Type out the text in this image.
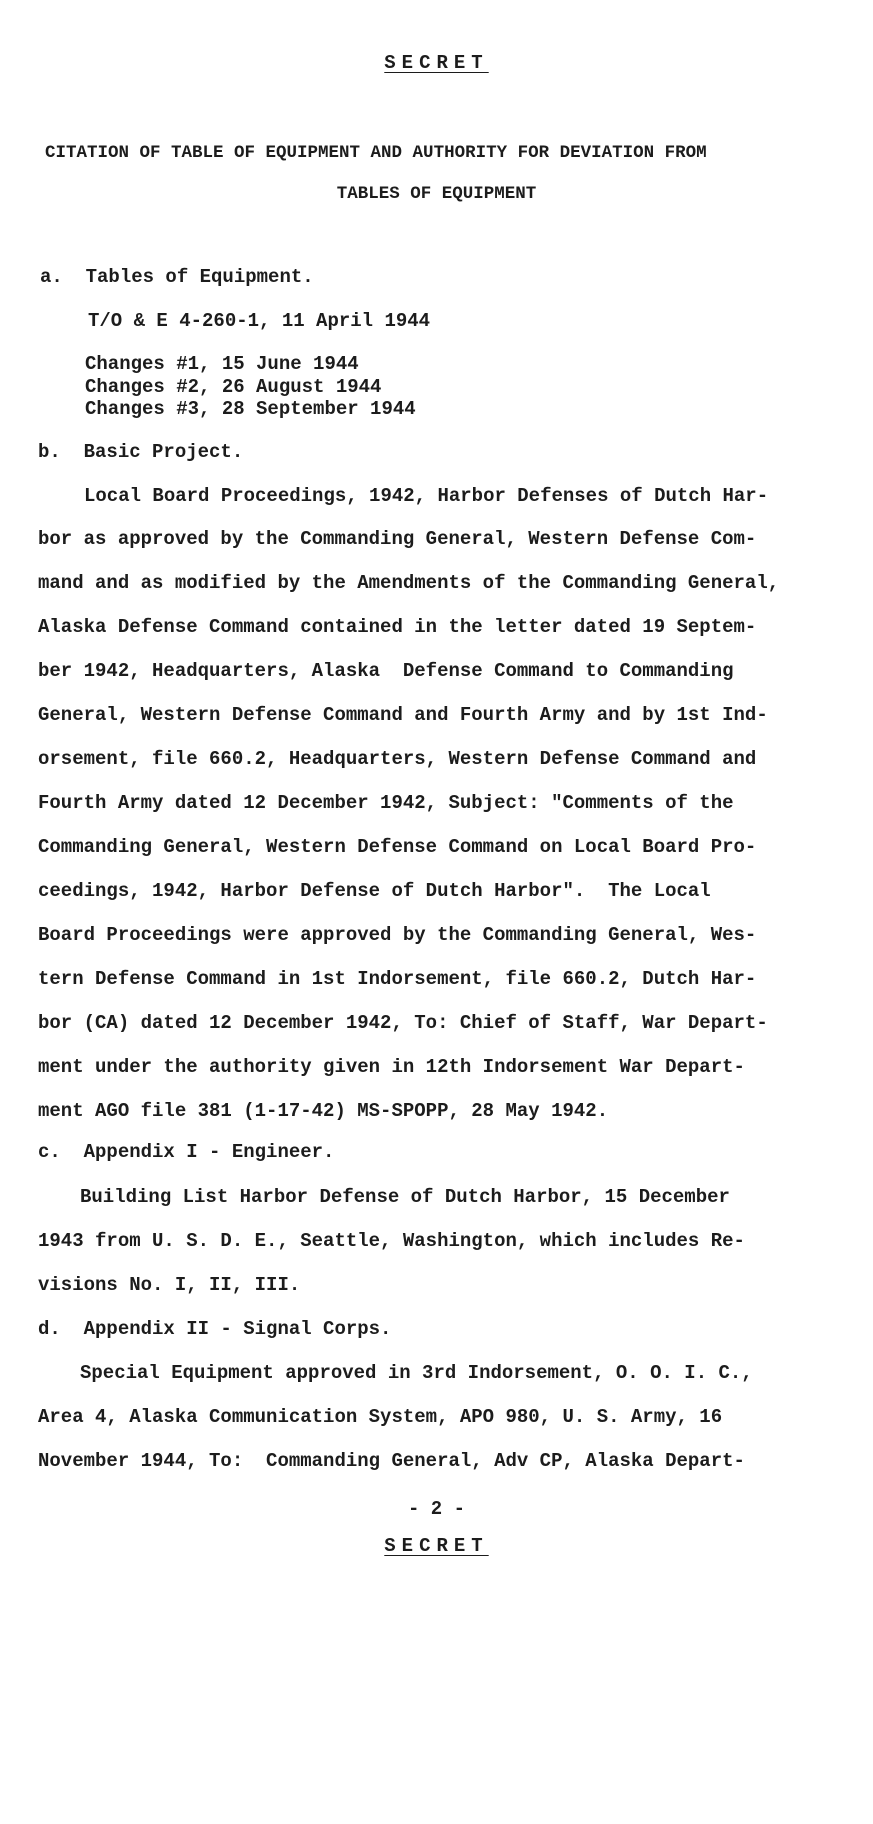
SECRET
CITATION OF TABLE OF EQUIPMENT AND AUTHORITY FOR DEVIATION FROM
TABLES OF EQUIPMENT
a.  Tables of Equipment.
T/O & E 4-260-1, 11 April 1944
Changes #1, 15 June 1944
Changes #2, 26 August 1944
Changes #3, 28 September 1944
b.  Basic Project.
Local Board Proceedings, 1942, Harbor Defenses of Dutch Har-
bor as approved by the Commanding General, Western Defense Com-
mand and as modified by the Amendments of the Commanding General,
Alaska Defense Command contained in the letter dated 19 Septem-
ber 1942, Headquarters, Alaska  Defense Command to Commanding
General, Western Defense Command and Fourth Army and by 1st Ind-
orsement, file 660.2, Headquarters, Western Defense Command and
Fourth Army dated 12 December 1942, Subject: "Comments of the
Commanding General, Western Defense Command on Local Board Pro-
ceedings, 1942, Harbor Defense of Dutch Harbor".  The Local
Board Proceedings were approved by the Commanding General, Wes-
tern Defense Command in 1st Indorsement, file 660.2, Dutch Har-
bor (CA) dated 12 December 1942, To: Chief of Staff, War Depart-
ment under the authority given in 12th Indorsement War Depart-
ment AGO file 381 (1-17-42) MS-SPOPP, 28 May 1942.
c.  Appendix I - Engineer.
Building List Harbor Defense of Dutch Harbor, 15 December
1943 from U. S. D. E., Seattle, Washington, which includes Re-
visions No. I, II, III.
d.  Appendix II - Signal Corps.
Special Equipment approved in 3rd Indorsement, O. O. I. C.,
Area 4, Alaska Communication System, APO 980, U. S. Army, 16
November 1944, To:  Commanding General, Adv CP, Alaska Depart-
- 2 -
SECRET
